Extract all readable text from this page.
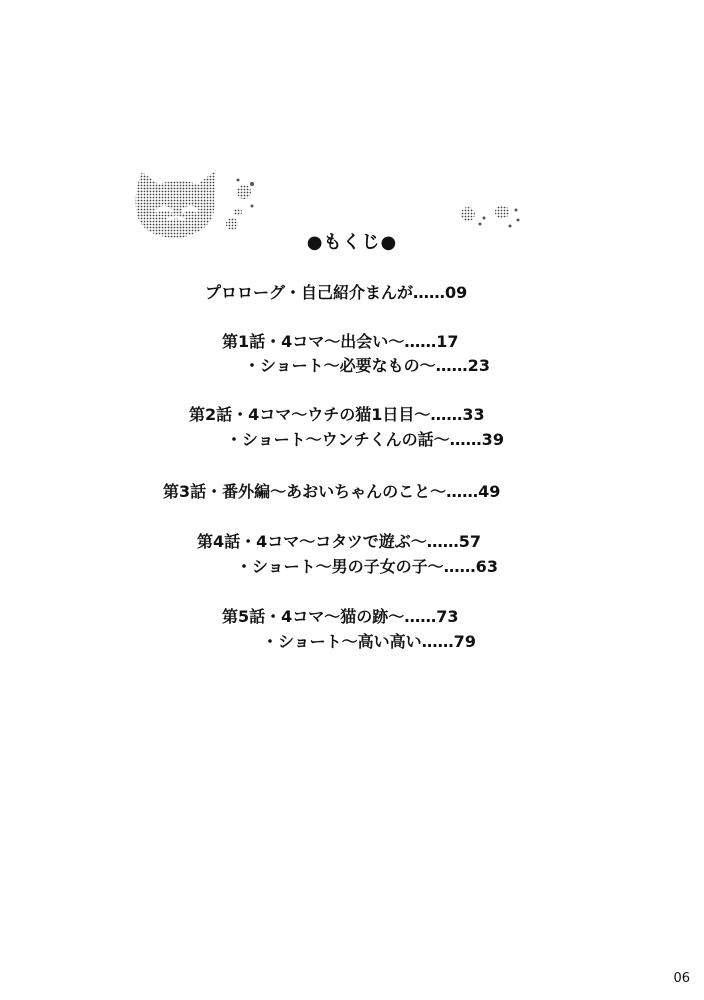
●もくじ●
プロローグ・自己紹介まんが……09
第1話・4コマ〜出会い〜……17
・ショート〜必要なもの〜……23
第2話・4コマ〜ウチの猫1日目〜……33
・ショート〜ウンチくんの話〜……39
第3話・番外編〜あおいちゃんのこと〜……49
第4話・4コマ〜コタツで遊ぶ〜……57
・ショート〜男の子女の子〜……63
第5話・4コマ〜猫の跡〜……73
・ショート〜高い高い……79
06
